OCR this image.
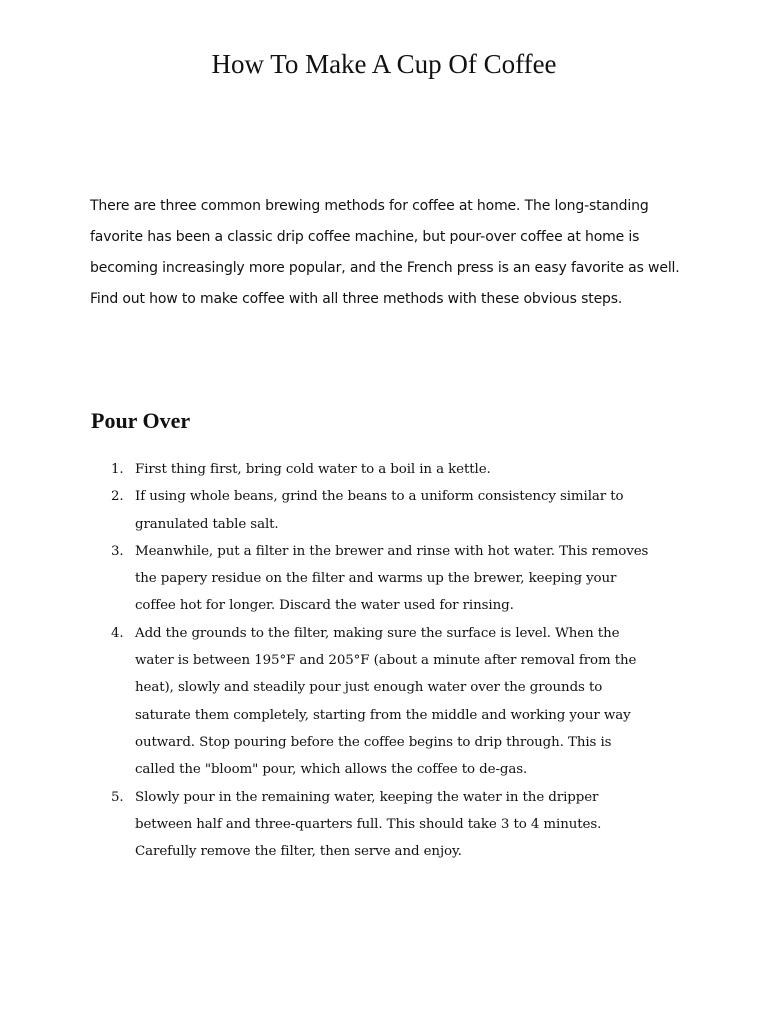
How To Make A Cup Of Coffee

There are three common brewing methods for coffee at home. The long-standing
favorite has been a classic drip coffee machine, but pour-over coffee at home is
becoming increasingly more popular, and the French press is an easy favorite as well.
Find out how to make coffee with all three methods with these obvious steps.

Pour Over
1. First thing first, bring cold water to a boil in a kettle.
2. If using whole beans, grind the beans to a uniform consistency similar to
granulated table salt.
3. Meanwhile, put a filter in the brewer and rinse with hot water. This removes
the papery residue on the filter and warms up the brewer, keeping your
coffee hot for longer. Discard the water used for rinsing.
4. Add the grounds to the filter, making sure the surface is level. When the
water is between 195°F and 205°F (about a minute after removal from the
heat), slowly and steadily pour just enough water over the grounds to
saturate them completely, starting from the middle and working your way
outward. Stop pouring before the coffee begins to drip through. This is
called the "bloom" pour, which allows the coffee to de-gas.
5. Slowly pour in the remaining water, keeping the water in the dripper
between half and three-quarters full. This should take 3 to 4 minutes.
Carefully remove the filter, then serve and enjoy.
